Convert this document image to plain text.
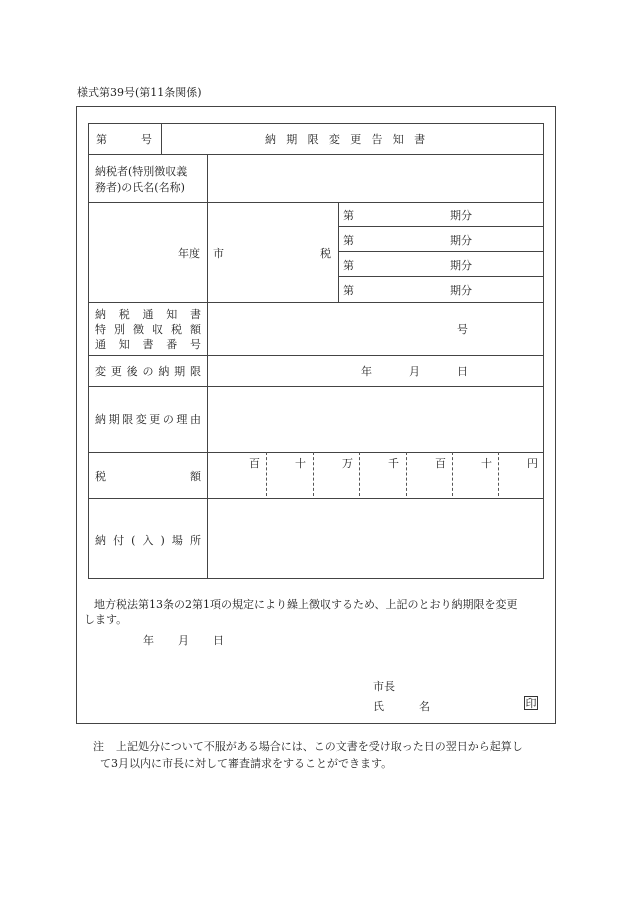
様式第39号(第11条関係)
第	号	納期限変更告知書
納税者(特別徴収義
務者)の氏名(名称)
年度 市	税
第	期分
第	期分
第	期分
第	期分
納税通知書
特別徴収税額
通知書番号
号
変更後の納期限	年	月	日
納期限変更の理由
税	額
百	十	万	千	百	十	円
納付(入)場所
地方税法第13条の2第1項の規定により繰上徴収するため、上記のとおり納期限を変更
します。
年 月 日
市長
氏	名	印
注 上記処分について不服がある場合には、この文書を受け取った日の翌日から起算し
て3月以内に市長に対して審査請求をすることができます。
